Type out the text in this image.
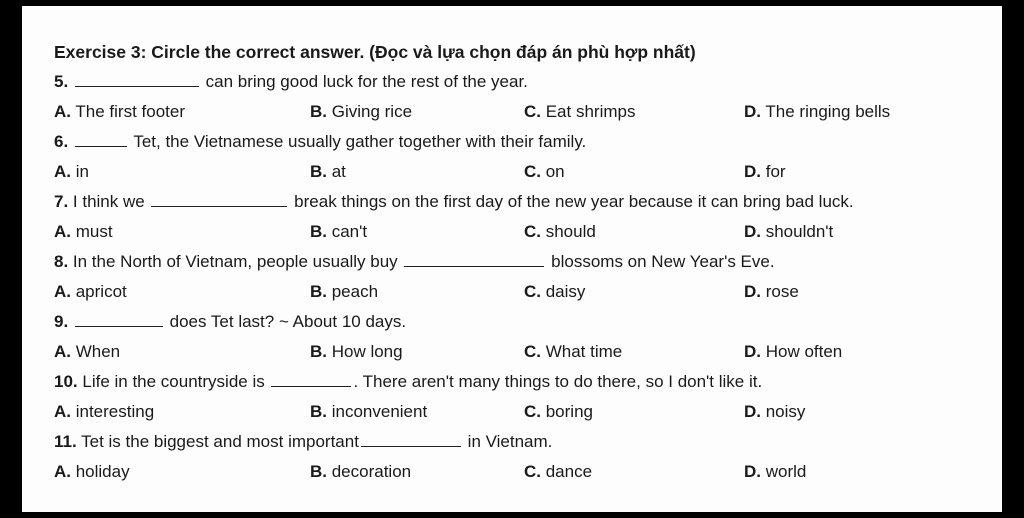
Exercise 3: Circle the correct answer. (Đọc và lựa chọn đáp án phù hợp nhất)
5.	can bring good luck for the rest of the year.
A. The first footer	B. Giving rice	C. Eat shrimps	D. The ringing bells
6.	Tet, the Vietnamese usually gather together with their family.
A. in	B. at	C. on	D. for
7. I think we	break things on the first day of the new year because it can bring bad luck.
A. must	B. can't	C. should	D. shouldn't
8. In the North of Vietnam, people usually buy	blossoms on New Year's Eve.
A. apricot	B. peach	C. daisy	D. rose
9.	does Tet last? ~ About 10 days.
A. When	B. How long	C. What time	D. How often
10. Life in the countryside is	. There aren't many things to do there, so I don't like it.
A. interesting	B. inconvenient	C. boring	D. noisy
11. Tet is the biggest and most important	in Vietnam.
A. holiday	B. decoration	C. dance	D. world
